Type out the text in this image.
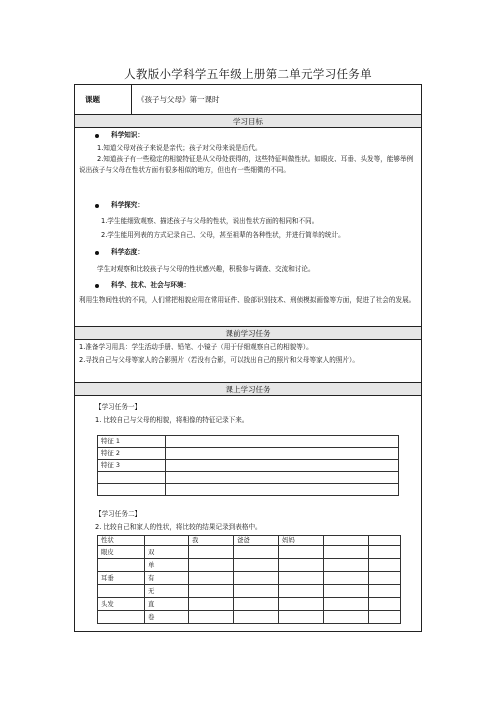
人教版小学科学五年级上册第二单元学习任务单
课题	《孩子与父母》第一课时
学习目标
科学知识：
1.知道父母对孩子来说是亲代；孩子对父母来说是后代。
2.知道孩子有一些稳定的相貌特征是从父母处获得的，这些特征叫做性状。如眼皮、耳垂、头发等，能够举例说出孩子与父母在性状方面有很多相似的地方，但也有一些细微的不同。
科学探究：
1.学生能细致观察、描述孩子与父母的性状，说出性状方面的相同和不同。
2.学生能用列表的方式记录自己、父母，甚至祖辈的各种性状，并进行简单的统计。
科学态度：
学生对观察和比较孩子与父母的性状感兴趣，积极参与调查、交流和讨论。
科学、技术、社会与环境：
利用生物间性状的不同，人们常把相貌应用在常用证件、脸部识别技术、刑侦模拟画像等方面，促进了社会的发展。
课前学习任务
1.准备学习用具：学生活动手册、铅笔、小镜子（用于仔细观察自己的相貌等）。
2.寻找自己与父母等家人的合影照片（若没有合影，可以找出自己的照片和父母等家人的照片）。
课上学习任务
【学习任务一】
1. 比较自己与父母的相貌，将相像的特征记录下来。
特征 1	
特征 2	
特征 3	

【学习任务二】
2. 比较自己和家人的性状，将比较的结果记录到表格中。
性状		我	爸爸	妈妈		
眼皮	双					
	单					
耳垂	有					
	无					
头发	直					
	卷					
